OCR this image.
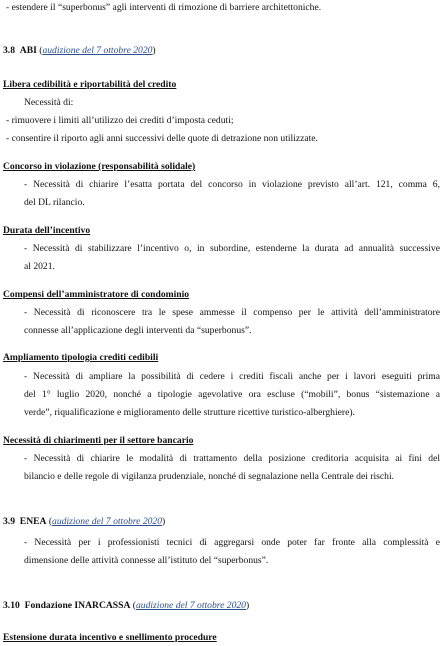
- estendere il “superbonus” agli interventi di rimozione di barriere architettoniche.
3.8 ABI (audizione del 7 ottobre 2020)
Libera cedibilità e riportabilità del credito
Necessità di:
- rimuovere i limiti all’utilizzo dei crediti d’imposta ceduti;
- consentire il riporto agli anni successivi delle quote di detrazione non utilizzate.
Concorso in violazione (responsabilità solidale)
- Necessità di chiarire l’esatta portata del concorso in violazione previsto all’art. 121, comma 6,
del DL rilancio.
Durata dell’incentivo
- Necessità di stabilizzare l’incentivo o, in subordine, estenderne la durata ad annualità successive
al 2021.
Compensi dell’amministratore di condominio
- Necessità di riconoscere tra le spese ammesse il compenso per le attività dell’amministratore
connesse all’applicazione degli interventi da “superbonus”.
Ampliamento tipologia crediti cedibili
- Necessità di ampliare la possibilità di cedere i crediti fiscali anche per i lavori eseguiti prima
del 1° luglio 2020, nonché a tipologie agevolative ora escluse (“mobili”, bonus “sistemazione a
verde”, riqualificazione e miglioramento delle strutture ricettive turistico-alberghiere).
Necessità di chiarimenti per il settore bancario
- Necessità di chiarire le modalità di trattamento della posizione creditoria acquisita ai fini del
bilancio e delle regole di vigilanza prudenziale, nonché di segnalazione nella Centrale dei rischi.
3.9 ENEA (audizione del 7 ottobre 2020)
- Necessità per i professionisti tecnici di aggregarsi onde poter far fronte alla complessità e
dimensione delle attività connesse all’istituto del “superbonus”.
3.10 Fondazione INARCASSA (audizione del 7 ottobre 2020)
Estensione durata incentivo e snellimento procedure
